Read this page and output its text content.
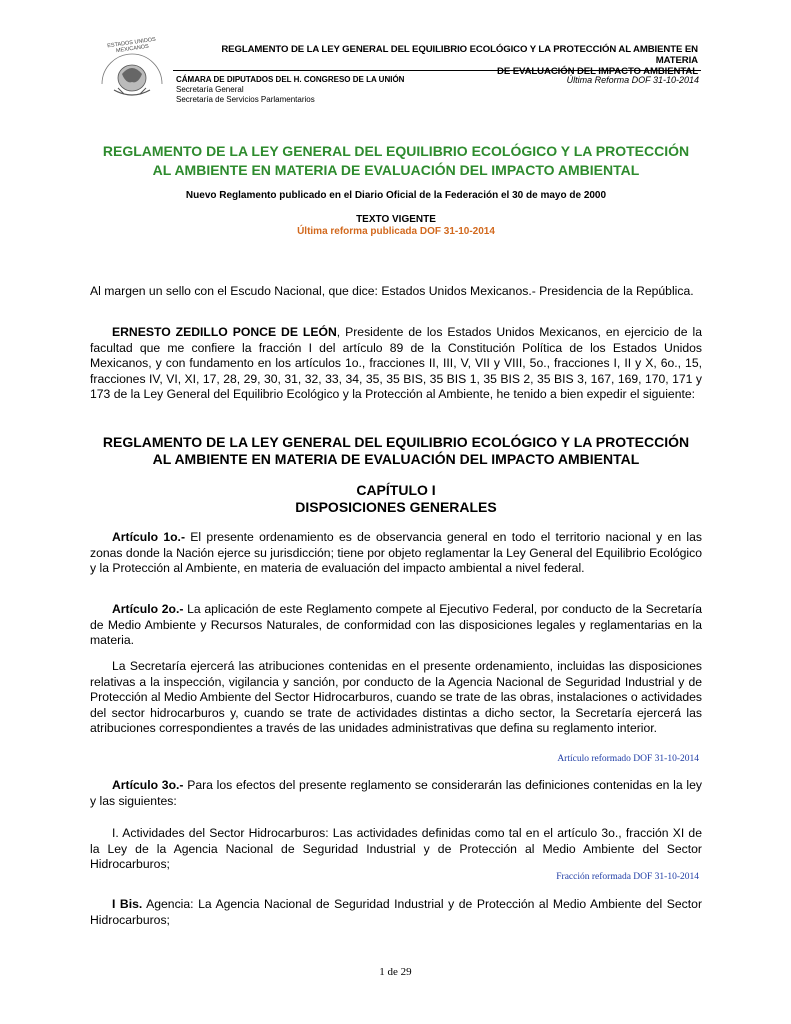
ESTADOS UNIDOS MEXICANOS	REGLAMENTO DE LA LEY GENERAL DEL EQUILIBRIO ECOLÓGICO Y LA PROTECCIÓN AL AMBIENTE EN MATERIA
DE EVALUACIÓN DEL IMPACTO AMBIENTAL
CÁMARA DE DIPUTADOS DEL H. CONGRESO DE LA UNIÓN
Secretaría General
Secretaría de Servicios Parlamentarios
Última Reforma DOF 31-10-2014
REGLAMENTO DE LA LEY GENERAL DEL EQUILIBRIO ECOLÓGICO Y LA PROTECCIÓN
AL AMBIENTE EN MATERIA DE EVALUACIÓN DEL IMPACTO AMBIENTAL
Nuevo Reglamento publicado en el Diario Oficial de la Federación el 30 de mayo de 2000
TEXTO VIGENTE
Última reforma publicada DOF 31-10-2014
Al margen un sello con el Escudo Nacional, que dice: Estados Unidos Mexicanos.- Presidencia de la República.
ERNESTO ZEDILLO PONCE DE LEÓN, Presidente de los Estados Unidos Mexicanos, en ejercicio de la facultad que me confiere la fracción I del artículo 89 de la Constitución Política de los Estados Unidos Mexicanos, y con fundamento en los artículos 1o., fracciones II, III, V, VII y VIII, 5o., fracciones I, II y X, 6o., 15, fracciones IV, VI, XI, 17, 28, 29, 30, 31, 32, 33, 34, 35, 35 BIS, 35 BIS 1, 35 BIS 2, 35 BIS 3, 167, 169, 170, 171 y 173 de la Ley General del Equilibrio Ecológico y la Protección al Ambiente, he tenido a bien expedir el siguiente:
REGLAMENTO DE LA LEY GENERAL DEL EQUILIBRIO ECOLÓGICO Y LA PROTECCIÓN
AL AMBIENTE EN MATERIA DE EVALUACIÓN DEL IMPACTO AMBIENTAL
CAPÍTULO I
DISPOSICIONES GENERALES
Artículo 1o.- El presente ordenamiento es de observancia general en todo el territorio nacional y en las zonas donde la Nación ejerce su jurisdicción; tiene por objeto reglamentar la Ley General del Equilibrio Ecológico y la Protección al Ambiente, en materia de evaluación del impacto ambiental a nivel federal.
Artículo 2o.- La aplicación de este Reglamento compete al Ejecutivo Federal, por conducto de la Secretaría de Medio Ambiente y Recursos Naturales, de conformidad con las disposiciones legales y reglamentarias en la materia.
La Secretaría ejercerá las atribuciones contenidas en el presente ordenamiento, incluidas las disposiciones relativas a la inspección, vigilancia y sanción, por conducto de la Agencia Nacional de Seguridad Industrial y de Protección al Medio Ambiente del Sector Hidrocarburos, cuando se trate de las obras, instalaciones o actividades del sector hidrocarburos y, cuando se trate de actividades distintas a dicho sector, la Secretaría ejercerá las atribuciones correspondientes a través de las unidades administrativas que defina su reglamento interior.
Artículo reformado DOF 31-10-2014
Artículo 3o.- Para los efectos del presente reglamento se considerarán las definiciones contenidas en la ley y las siguientes:
I. Actividades del Sector Hidrocarburos: Las actividades definidas como tal en el artículo 3o., fracción XI de la Ley de la Agencia Nacional de Seguridad Industrial y de Protección al Medio Ambiente del Sector Hidrocarburos;
Fracción reformada DOF 31-10-2014
I Bis. Agencia: La Agencia Nacional de Seguridad Industrial y de Protección al Medio Ambiente del Sector Hidrocarburos;
1 de 29
